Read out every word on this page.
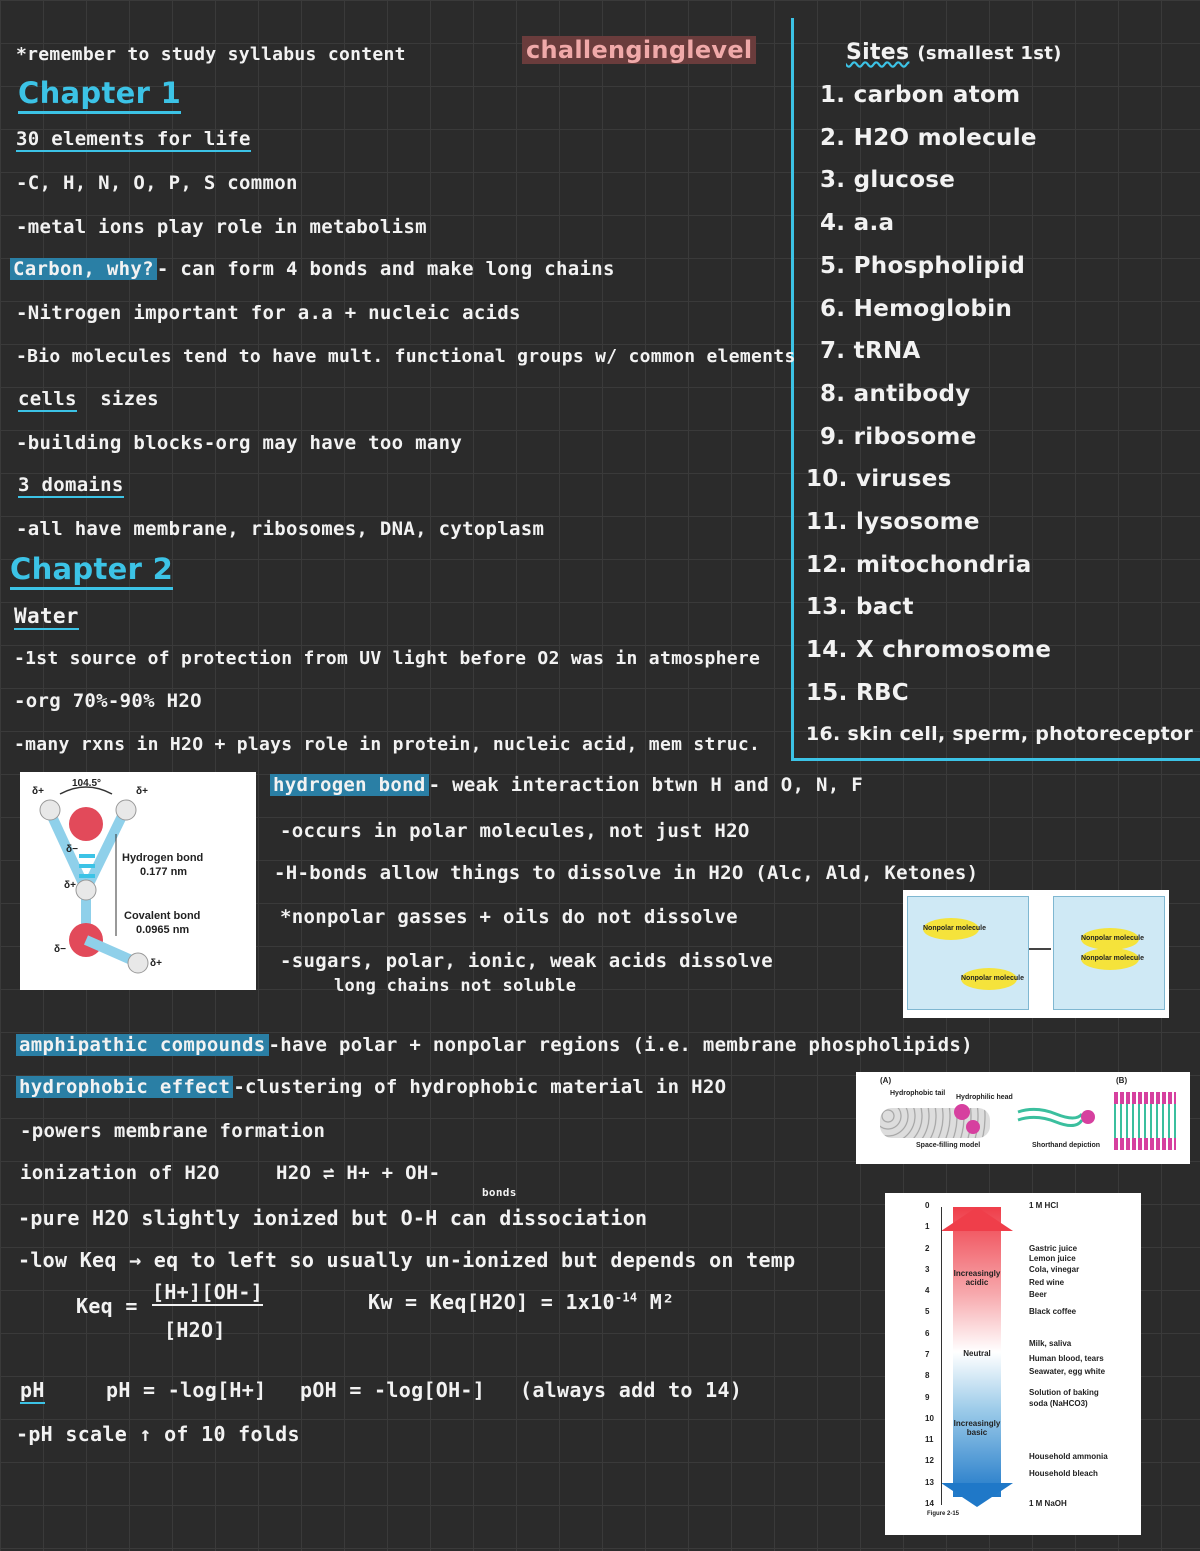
*remember to study syllabus content	challenginglevel
Chapter 1
30 elements for life
-C, H, N, O, P, S common
-metal ions play role in metabolism
Carbon, why? - can form 4 bonds and make long chains
-Nitrogen important for a.a + nucleic acids
-Bio molecules tend to have mult. functional groups w/ common elements
cells sizes
-building blocks-org may have too many
3 domains
-all have membrane, ribosomes, DNA, cytoplasm
Chapter 2
Water
-1st source of protection from UV light before O2 was in atmosphere
-org 70%-90% H2O
-many rxns in H2O + plays role in protein, nucleic acid, mem struc.
Sites (smallest 1st)
1. carbon atom
2. H2O molecule
3. glucose
4. a.a
5. Phospholipid
6. Hemoglobin
7. tRNA
8. antibody
9. ribosome
10. viruses
11. lysosome
12. mitochondria
13. bact
14. X chromosome
15. RBC
16. skin cell, sperm, photoreceptor
104.5°
δ+	δ+
δ−
δ+
δ−
δ+
Hydrogen bond
0.177 nm
Covalent bond
0.0965 nm
hydrogen bond - weak interaction btwn H and O, N, F
-occurs in polar molecules, not just H2O
-H-bonds allow things to dissolve in H2O (Alc, Ald, Ketones)
*nonpolar gasses + oils do not dissolve
-sugars, polar, ionic, weak acids dissolve
long chains not soluble
Nonpolar molecule
Nonpolar molecule
Nonpolar molecule
Nonpolar molecule
amphipathic compounds -have polar + nonpolar regions (i.e. membrane phospholipids)
hydrophobic effect -clustering of hydrophobic material in H2O
-powers membrane formation
(A)	(B)
Hydrophobic tail
Hydrophilic head
Space-filling model	Shorthand depiction
ionization of H2O	H2O ⇌ H+ + OH-
bonds
-pure H2O slightly ionized but O-H can dissociation
-low Keq → eq to left so usually un-ionized but depends on temp
Keq =
[H+][OH-]
[H2O]
$Kw = Keq[H2O] = 1x10^{-14}$ M²
pH	pH = -log[H+] pOH = -log[OH-] (always add to 14)
-pH scale ↑ of 10 folds
Increasingly acidic
Neutral
Increasingly basic
0
1
2
3
4
5
6
7
8
9
10
11
12
13
14
1 M HCl
Gastric juice
Lemon juice
Cola, vinegar
Red wine
Beer
Black coffee
Milk, saliva
Human blood, tears
Seawater, egg white
Solution of baking
soda (NaHCO3)
Household ammonia
Household bleach
1 M NaOH
Figure 2-15
